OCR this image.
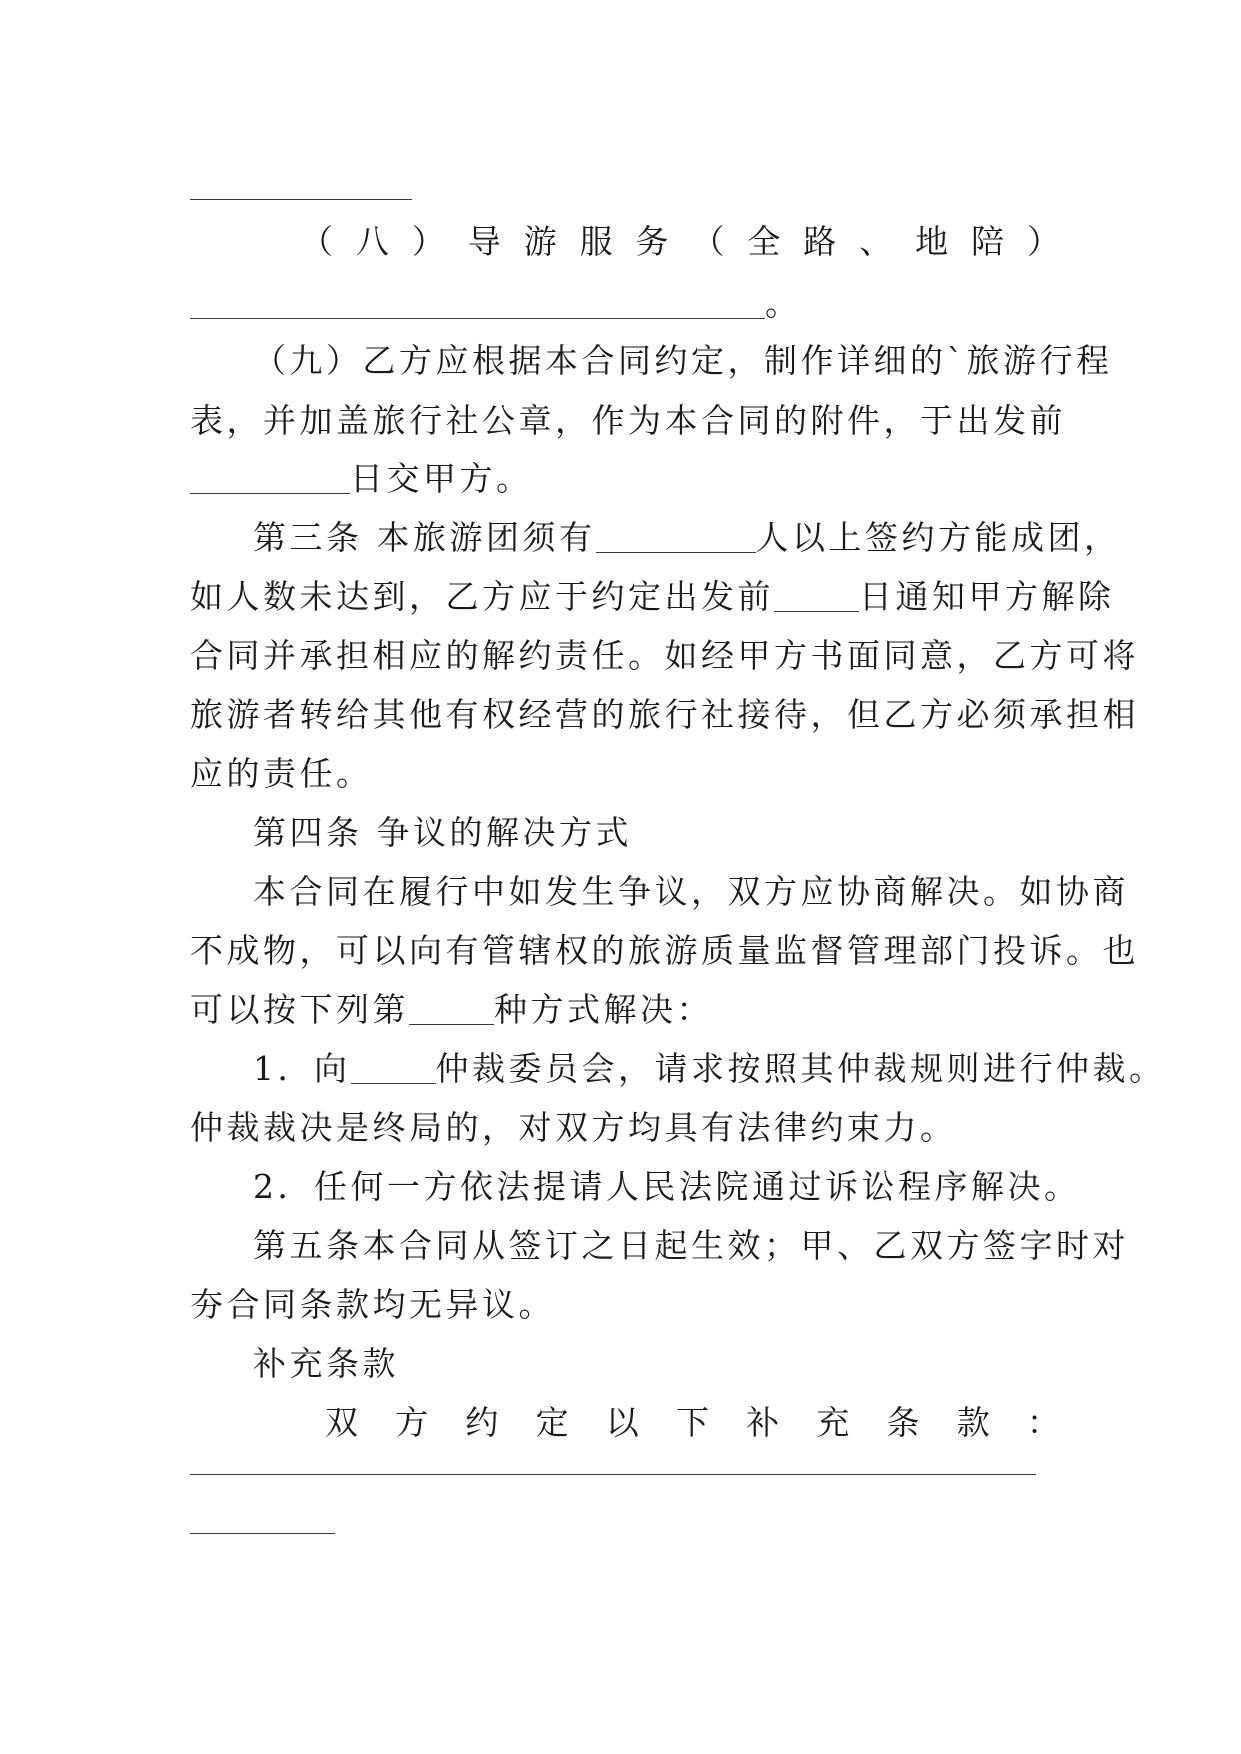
（ 八 ） 导 游 服 务 （ 全 路 、 地 陪 ）
。
（九）乙方应根据本合同约定，制作详细的`旅游行程
表，并加盖旅行社公章，作为本合同的附件，于出发前
日交甲方。
第三条 本旅游团须有	人以上签约方能成团，
如人数未达到，乙方应于约定出发前	日通知甲方解除
合同并承担相应的解约责任。如经甲方书面同意，乙方可将
旅游者转给其他有权经营的旅行社接待，但乙方必须承担相
应的责任。
第四条 争议的解决方式
本合同在履行中如发生争议，双方应协商解决。如协商
不成物，可以向有管辖权的旅游质量监督管理部门投诉。也
可以按下列第	种方式解决：
1．向	仲裁委员会，请求按照其仲裁规则进行仲裁。
仲裁裁决是终局的，对双方均具有法律约束力。
2．任何一方依法提请人民法院通过诉讼程序解决。
第五条本合同从签订之日起生效；甲、乙双方签字时对
夯合同条款均无异议。
补充条款
双 方 约 定 以 下 补 充 条 款 ：
